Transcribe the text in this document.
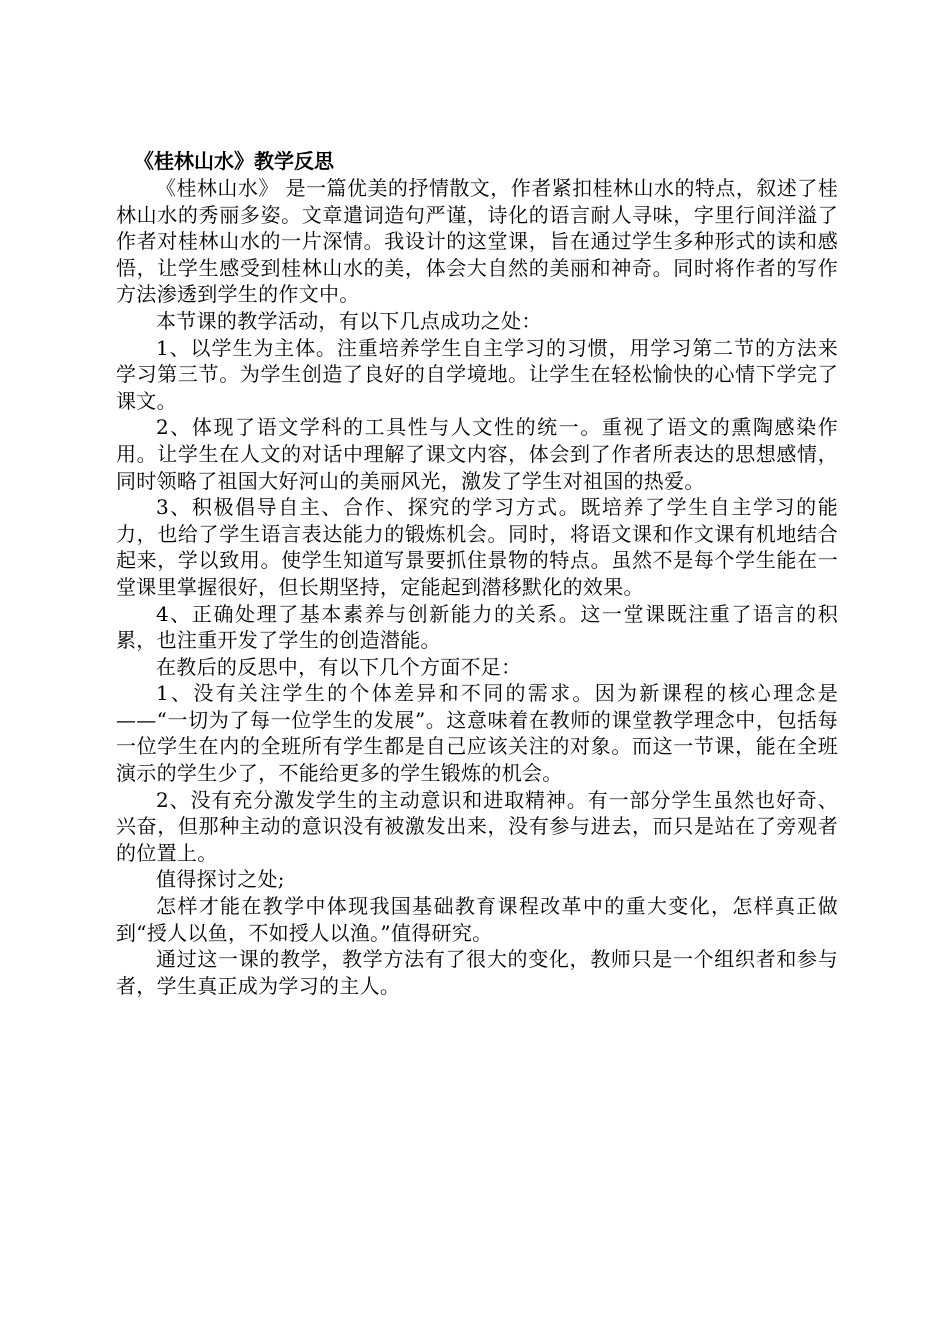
《桂林山水》教学反思

《桂林山水》 是一篇优美的抒情散文，作者紧扣桂林山水的特点，叙述了桂林山水的秀丽多姿。文章遣词造句严谨，诗化的语言耐人寻味，字里行间洋溢了作者对桂林山水的一片深情。我设计的这堂课，旨在通过学生多种形式的读和感悟，让学生感受到桂林山水的美，体会大自然的美丽和神奇。同时将作者的写作方法渗透到学生的作文中。

本节课的教学活动，有以下几点成功之处：

1、以学生为主体。注重培养学生自主学习的习惯，用学习第二节的方法来学习第三节。为学生创造了良好的自学境地。让学生在轻松愉快的心情下学完了课文。

2、体现了语文学科的工具性与人文性的统一。重视了语文的熏陶感染作用。让学生在人文的对话中理解了课文内容，体会到了作者所表达的思想感情，同时领略了祖国大好河山的美丽风光，激发了学生对祖国的热爱。

3、积极倡导自主、合作、探究的学习方式。既培养了学生自主学习的能力，也给了学生语言表达能力的锻炼机会。同时，将语文课和作文课有机地结合起来，学以致用。使学生知道写景要抓住景物的特点。虽然不是每个学生能在一堂课里掌握很好，但长期坚持，定能起到潜移默化的效果。

4、正确处理了基本素养与创新能力的关系。这一堂课既注重了语言的积累，也注重开发了学生的创造潜能。

在教后的反思中，有以下几个方面不足：

1、没有关注学生的个体差异和不同的需求。因为新课程的核心理念是——“一切为了每一位学生的发展”。这意味着在教师的课堂教学理念中，包括每一位学生在内的全班所有学生都是自己应该关注的对象。而这一节课，能在全班演示的学生少了，不能给更多的学生锻炼的机会。

2、没有充分激发学生的主动意识和进取精神。有一部分学生虽然也好奇、兴奋，但那种主动的意识没有被激发出来，没有参与进去，而只是站在了旁观者的位置上。

值得探讨之处;

怎样才能在教学中体现我国基础教育课程改革中的重大变化，怎样真正做到“授人以鱼，不如授人以渔。”值得研究。

通过这一课的教学，教学方法有了很大的变化，教师只是一个组织者和参与者，学生真正成为学习的主人。
